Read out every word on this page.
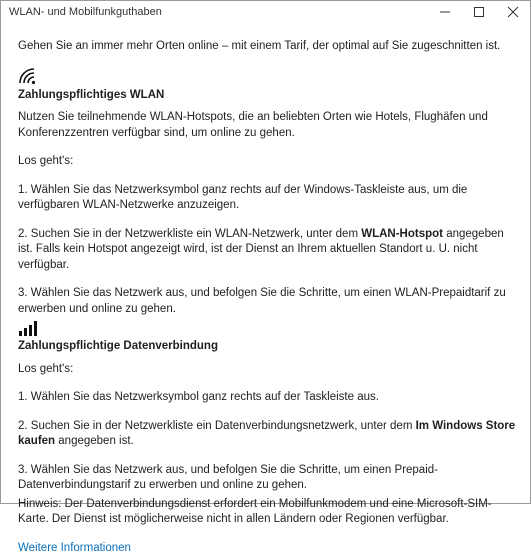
WLAN- und Mobilfunkguthaben

Gehen Sie an immer mehr Orten online – mit einem Tarif, der optimal auf Sie zugeschnitten ist.

Zahlungspflichtiges WLAN

Nutzen Sie teilnehmende WLAN-Hotspots, die an beliebten Orten wie Hotels, Flughäfen und Konferenzzentren verfügbar sind, um online zu gehen.

Los geht's:

1. Wählen Sie das Netzwerksymbol ganz rechts auf der Windows-Taskleiste aus, um die verfügbaren WLAN-Netzwerke anzuzeigen.

2. Suchen Sie in der Netzwerkliste ein WLAN-Netzwerk, unter dem WLAN-Hotspot angegeben ist. Falls kein Hotspot angezeigt wird, ist der Dienst an Ihrem aktuellen Standort u. U. nicht verfügbar.

3. Wählen Sie das Netzwerk aus, und befolgen Sie die Schritte, um einen WLAN-Prepaidtarif zu erwerben und online zu gehen.

Zahlungspflichtige Datenverbindung

Los geht's:

1. Wählen Sie das Netzwerksymbol ganz rechts auf der Taskleiste aus.

2. Suchen Sie in der Netzwerkliste ein Datenverbindungsnetzwerk, unter dem Im Windows Store kaufen angegeben ist.

3. Wählen Sie das Netzwerk aus, und befolgen Sie die Schritte, um einen Prepaid-Datenverbindungstarif zu erwerben und online zu gehen.

Hinweis: Der Datenverbindungsdienst erfordert ein Mobilfunkmodem und eine Microsoft-SIM-Karte. Der Dienst ist möglicherweise nicht in allen Ländern oder Regionen verfügbar.

Weitere Informationen
